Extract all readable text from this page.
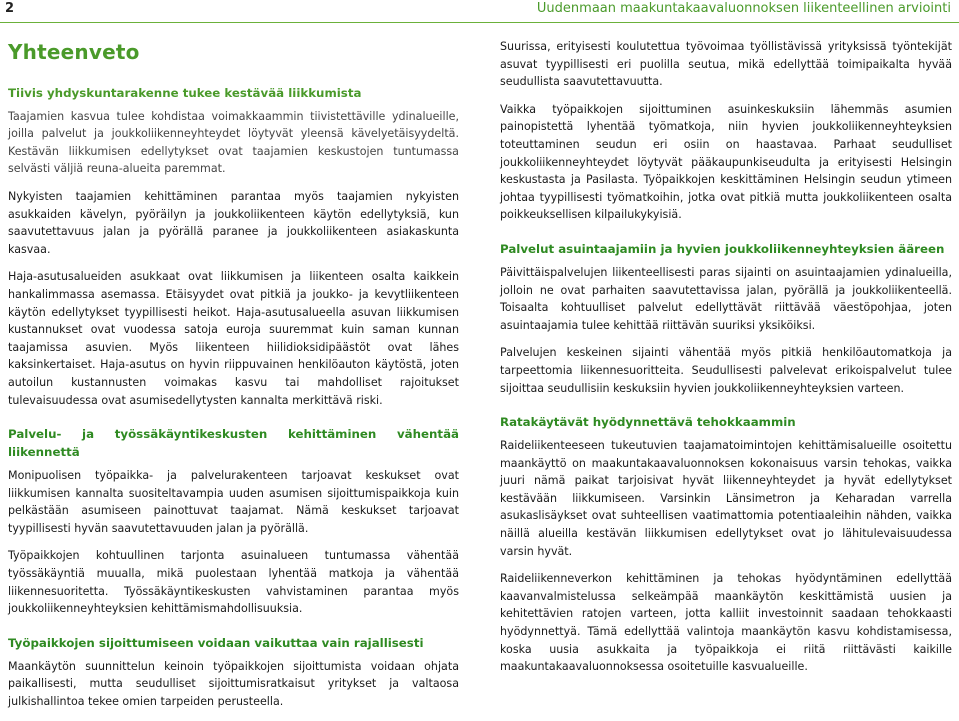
2	Uudenmaan maakuntakaavaluonnoksen liikenteellinen arviointi
Yhteenveto
Tiivis yhdyskuntarakenne tukee kestävää liikkumista

Taajamien kasvua tulee kohdistaa voimakkaammin tiivistettäville ydinalueille, joilla palvelut ja joukkoliikenneyhteydet löytyvät yleensä kävelyetäisyydeltä. Kestävän liikkumisen edellytykset ovat taajamien keskustojen tuntumassa selvästi väljiä reuna-alueita paremmat.

Nykyisten taajamien kehittäminen parantaa myös taajamien nykyisten asukkaiden kävelyn, pyöräilyn ja joukkoliikenteen käytön edellytyksiä, kun saavutettavuus jalan ja pyörällä paranee ja joukkoliikenteen asiakaskunta kasvaa.

Haja-asutusalueiden asukkaat ovat liikkumisen ja liikenteen osalta kaikkein hankalimmassa asemassa. Etäisyydet ovat pitkiä ja joukko- ja kevytliikenteen käytön edellytykset tyypillisesti heikot. Haja-asutusalueella asuvan liikkumisen kustannukset ovat vuodessa satoja euroja suuremmat kuin saman kunnan taajamissa asuvien. Myös liikenteen hiilidioksidipäästöt ovat lähes kaksinkertaiset. Haja-asutus on hyvin riippuvainen henkilöauton käytöstä, joten autoilun kustannusten voimakas kasvu tai mahdolliset rajoitukset tulevaisuudessa ovat asumisedellytysten kannalta merkittävä riski.

Palvelu- ja työssäkäyntikeskusten kehittäminen vähentää liikennettä

Monipuolisen työpaikka- ja palvelurakenteen tarjoavat keskukset ovat liikkumisen kannalta suositeltavampia uuden asumisen sijoittumispaikkoja kuin pelkästään asumiseen painottuvat taajamat. Nämä keskukset tarjoavat tyypillisesti hyvän saavutettavuuden jalan ja pyörällä.

Työpaikkojen kohtuullinen tarjonta asuinalueen tuntumassa vähentää työssäkäyntiä muualla, mikä puolestaan lyhentää matkoja ja vähentää liikennesuoritetta. Työssäkäyntikeskusten vahvistaminen parantaa myös joukkoliikenneyhteyksien kehittämismahdollisuuksia.

Työpaikkojen sijoittumiseen voidaan vaikuttaa vain rajallisesti

Maankäytön suunnittelun keinoin työpaikkojen sijoittumista voidaan ohjata paikallisesti, mutta seudulliset sijoittumisratkaisut yritykset ja valtaosa julkishallintoa tekee omien tarpeiden perusteella.

Suurissa, erityisesti koulutettua työvoimaa työllistävissä yrityksissä työntekijät asuvat tyypillisesti eri puolilla seutua, mikä edellyttää toimipaikalta hyvää seudullista saavutettavuutta.

Vaikka työpaikkojen sijoittuminen asuinkeskuksiin lähemmäs asumien painopistettä lyhentää työmatkoja, niin hyvien joukkoliikenneyhteyksien toteuttaminen seudun eri osiin on haastavaa. Parhaat seudulliset joukkoliikenneyhteydet löytyvät pääkaupunkiseudulta ja erityisesti Helsingin keskustasta ja Pasilasta. Työpaikkojen keskittäminen Helsingin seudun ytimeen johtaa tyypillisesti työmatkoihin, jotka ovat pitkiä mutta joukkoliikenteen osalta poikkeuksellisen kilpailukykyisiä.

Palvelut asuintaajamiin ja hyvien joukkoliikenneyhteyksien ääreen

Päivittäispalvelujen liikenteellisesti paras sijainti on asuintaajamien ydinalueilla, jolloin ne ovat parhaiten saavutettavissa jalan, pyörällä ja joukkoliikenteellä. Toisaalta kohtuulliset palvelut edellyttävät riittävää väestöpohjaa, joten asuintaajamia tulee kehittää riittävän suuriksi yksiköiksi.

Palvelujen keskeinen sijainti vähentää myös pitkiä henkilöautomatkoja ja tarpeettomia liikennesuoritteita. Seudullisesti palvelevat erikoispalvelut tulee sijoittaa seudullisiin keskuksiin hyvien joukkoliikenneyhteyksien varteen.

Ratakäytävät hyödynnettävä tehokkaammin

Raideliikenteeseen tukeutuvien taajamatoimintojen kehittämisalueille osoitettu maankäyttö on maakuntakaavaluonnoksen kokonaisuus varsin tehokas, vaikka juuri nämä paikat tarjoisivat hyvät liikenneyhteydet ja hyvät edellytykset kestävään liikkumiseen. Varsinkin Länsimetron ja Keharadan varrella asukaslisäykset ovat suhteellisen vaatimattomia potentiaaleihin nähden, vaikka näillä alueilla kestävän liikkumisen edellytykset ovat jo lähitulevaisuudessa varsin hyvät.

Raideliikenneverkon kehittäminen ja tehokas hyödyntäminen edellyttää kaavanvalmistelussa selkeämpää maankäytön keskittämistä uusien ja kehitettävien ratojen varteen, jotta kalliit investoinnit saadaan tehokkaasti hyödynnettyä. Tämä edellyttää valintoja maankäytön kasvu kohdistamisessa, koska uusia asukkaita ja työpaikkoja ei riitä riittävästi kaikille maakuntakaavaluonnoksessa osoitetuille kasvualueille.
